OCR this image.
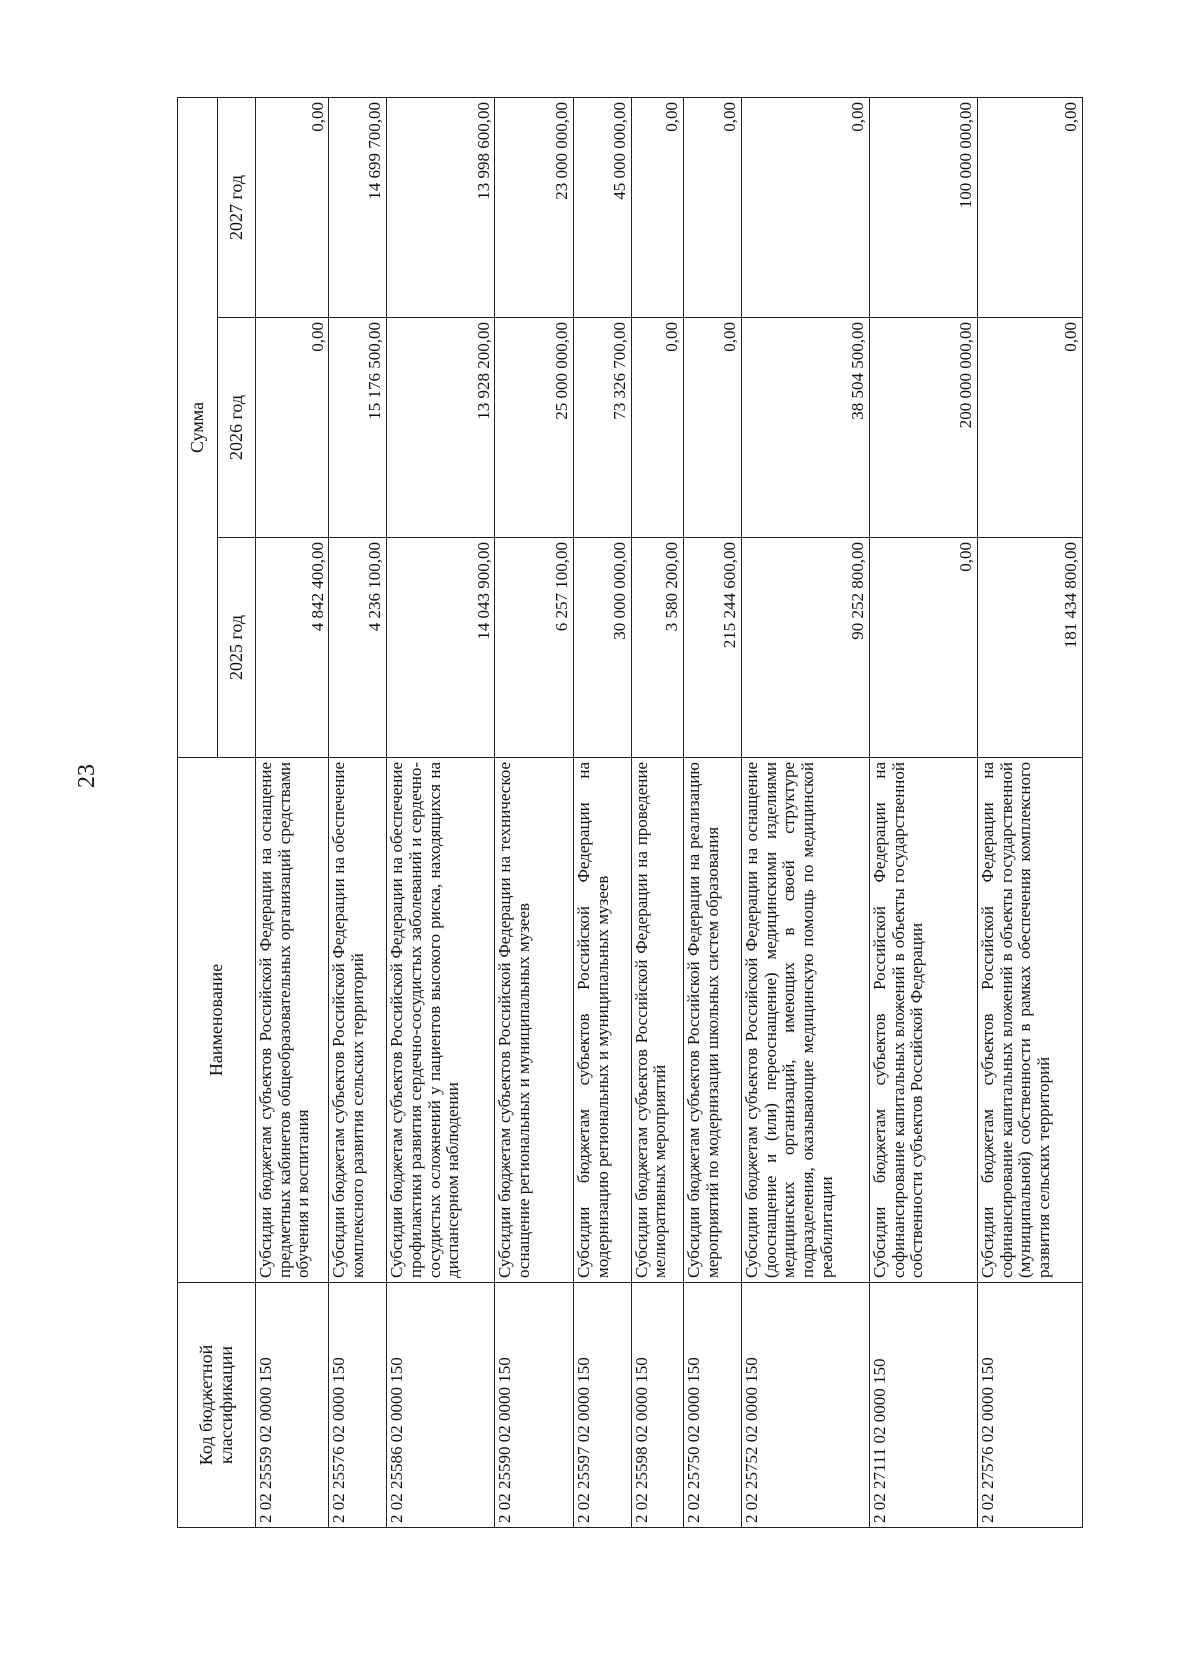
23
Код бюджетной классификации	Наименование	Сумма		
		2025 год	2026 год	2027 год
2 02 25559 02 0000 150	Субсидии бюджетам субъектов Российской Федерации на оснащение предметных кабинетов общеобразовательных организаций средствами обучения и воспитания	4 842 400,00	0,00	0,00
2 02 25576 02 0000 150	Субсидии бюджетам субъектов Российской Федерации на обеспечение комплексного развития сельских территорий	4 236 100,00	15 176 500,00	14 699 700,00
2 02 25586 02 0000 150	Субсидии бюджетам субъектов Российской Федерации на обеспечение профилактики развития сердечно-сосудистых заболеваний и сердечно-сосудистых осложнений у пациентов высокого риска, находящихся на диспансерном наблюдении	14 043 900,00	13 928 200,00	13 998 600,00
2 02 25590 02 0000 150	Субсидии бюджетам субъектов Российской Федерации на техническое оснащение региональных и муниципальных музеев	6 257 100,00	25 000 000,00	23 000 000,00
2 02 25597 02 0000 150	Субсидии бюджетам субъектов Российской Федерации на модернизацию региональных и муниципальных музеев	30 000 000,00	73 326 700,00	45 000 000,00
2 02 25598 02 0000 150	Субсидии бюджетам субъектов Российской Федерации на проведение мелиоративных мероприятий	3 580 200,00	0,00	0,00
2 02 25750 02 0000 150	Субсидии бюджетам субъектов Российской Федерации на реализацию мероприятий по модернизации школьных систем образования	215 244 600,00	0,00	0,00
2 02 25752 02 0000 150	Субсидии бюджетам субъектов Российской Федерации на оснащение (дооснащение и (или) переоснащение) медицинскими изделиями медицинских организаций, имеющих в своей структуре подразделения, оказывающие медицинскую помощь по медицинской реабилитации	90 252 800,00	38 504 500,00	0,00
2 02 27111 02 0000 150	Субсидии бюджетам субъектов Российской Федерации на софинансирование капитальных вложений в объекты государственной собственности субъектов Российской Федерации	0,00	200 000 000,00	100 000 000,00
2 02 27576 02 0000 150	Субсидии бюджетам субъектов Российской Федерации на софинансирование капитальных вложений в объекты государственной (муниципальной) собственности в рамках обеспечения комплексного развития сельских территорий	181 434 800,00	0,00	0,00
